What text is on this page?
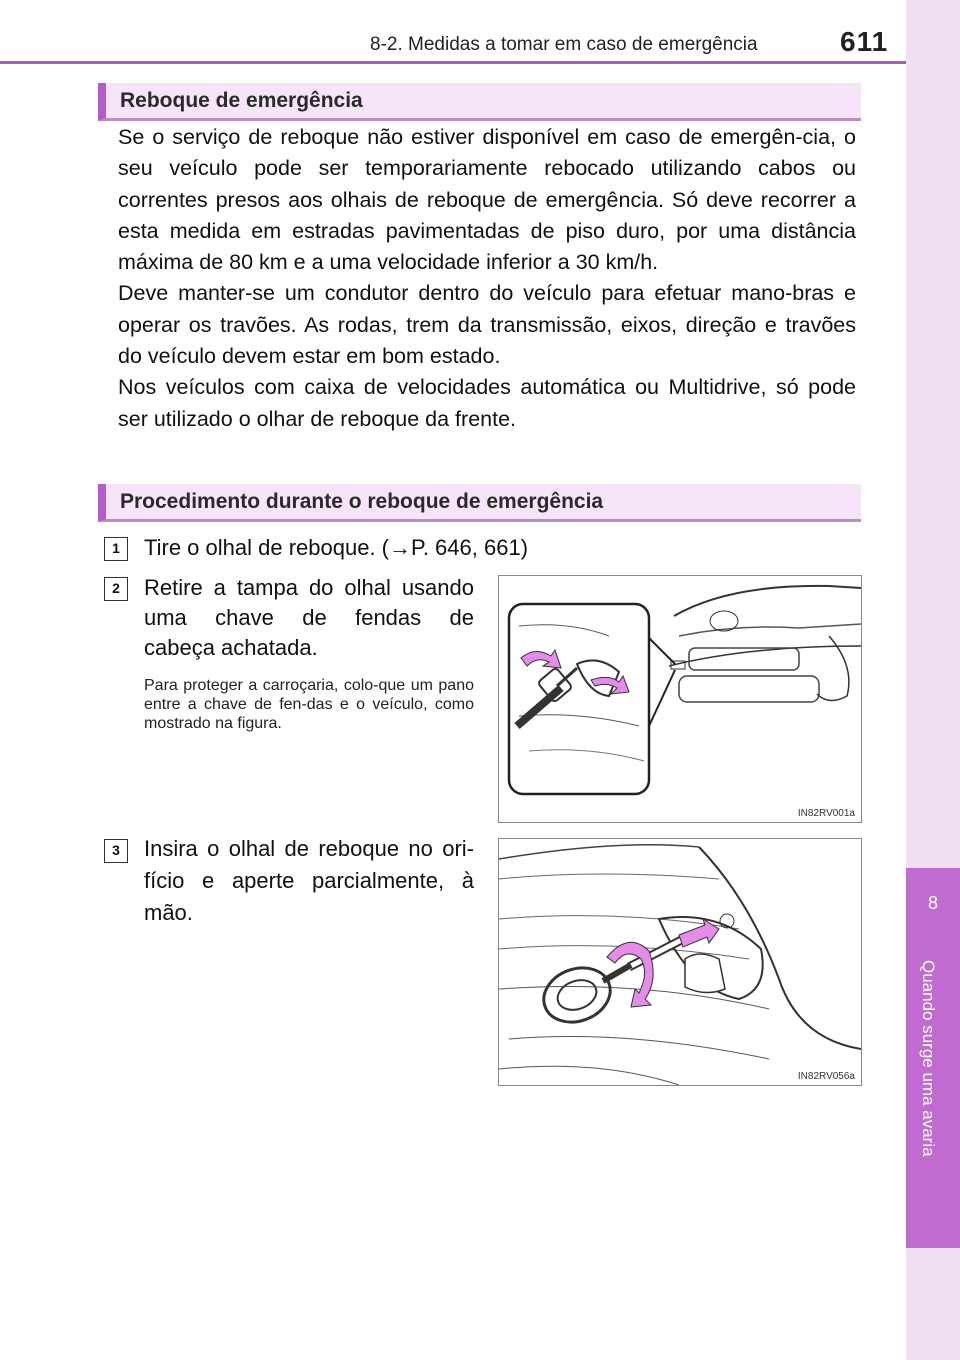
8-2. Medidas a tomar em caso de emergência	611
8
Quando surge uma avaria
Reboque de emergência

Se o serviço de reboque não estiver disponível em caso de emergên-cia, o seu veículo pode ser temporariamente rebocado utilizando cabos ou correntes presos aos olhais de reboque de emergência. Só deve recorrer a esta medida em estradas pavimentadas de piso duro, por uma distância máxima de 80 km e a uma velocidade inferior a 30 km/h.

Deve manter-se um condutor dentro do veículo para efetuar mano-bras e operar os travões. As rodas, trem da transmissão, eixos, direção e travões do veículo devem estar em bom estado.

Nos veículos com caixa de velocidades automática ou Multidrive, só pode ser utilizado o olhar de reboque da frente.

Procedimento durante o reboque de emergência
1	Tire o olhal de reboque. (→P. 646, 661)
2	Retire a tampa do olhal usando
uma chave de fendas de
cabeça achatada.
Para proteger a carroçaria, colo-que um pano entre a chave de fen-das e o veículo, como mostrado na figura.
IN82RV001a
3	Insira o olhal de reboque no ori-
fício e aperte parcialmente, à
mão.
IN82RV056a
